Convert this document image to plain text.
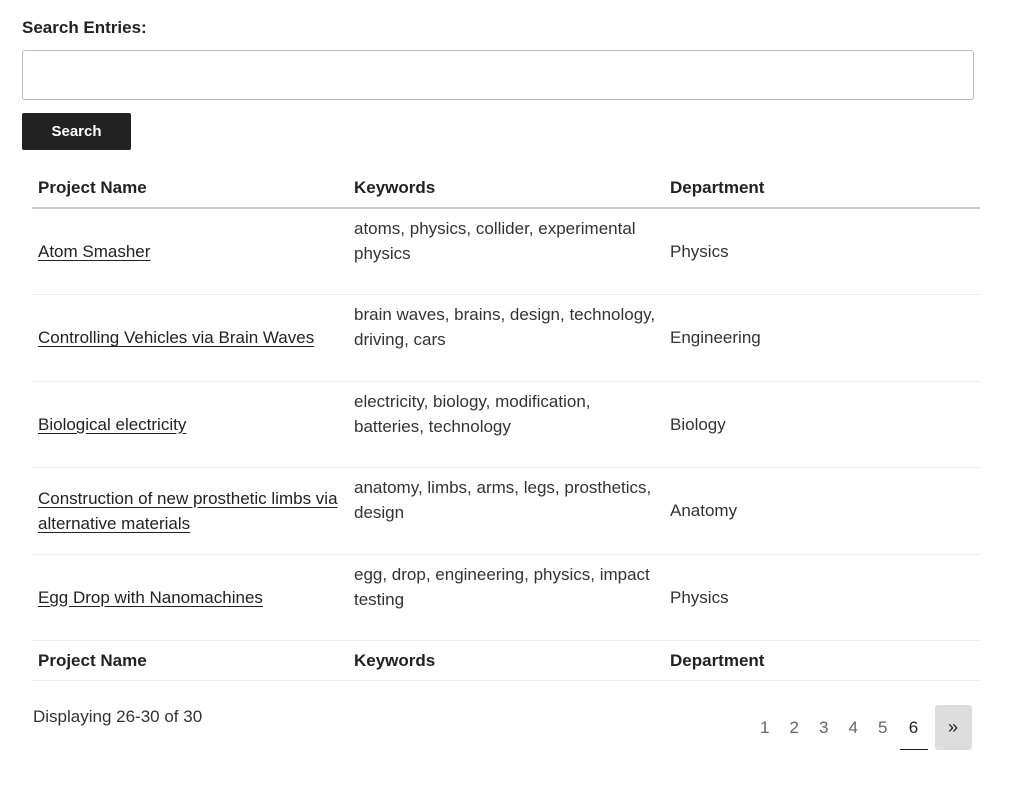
Search Entries:
Search
Project Name	Keywords	Department
Atom Smasher	atoms, physics, collider, experimental physics	Physics
Controlling Vehicles via Brain Waves	brain waves, brains, design, technology, driving, cars	Engineering
Biological electricity	electricity, biology, modification, batteries, technology	Biology
Construction of new prosthetic limbs via alternative materials	anatomy, limbs, arms, legs, prosthetics, design	Anatomy
Egg Drop with Nanomachines	egg, drop, engineering, physics, impact testing	Physics
Project Name	Keywords	Department
Displaying 26-30 of 30
1	2	3	4	5	6	»
